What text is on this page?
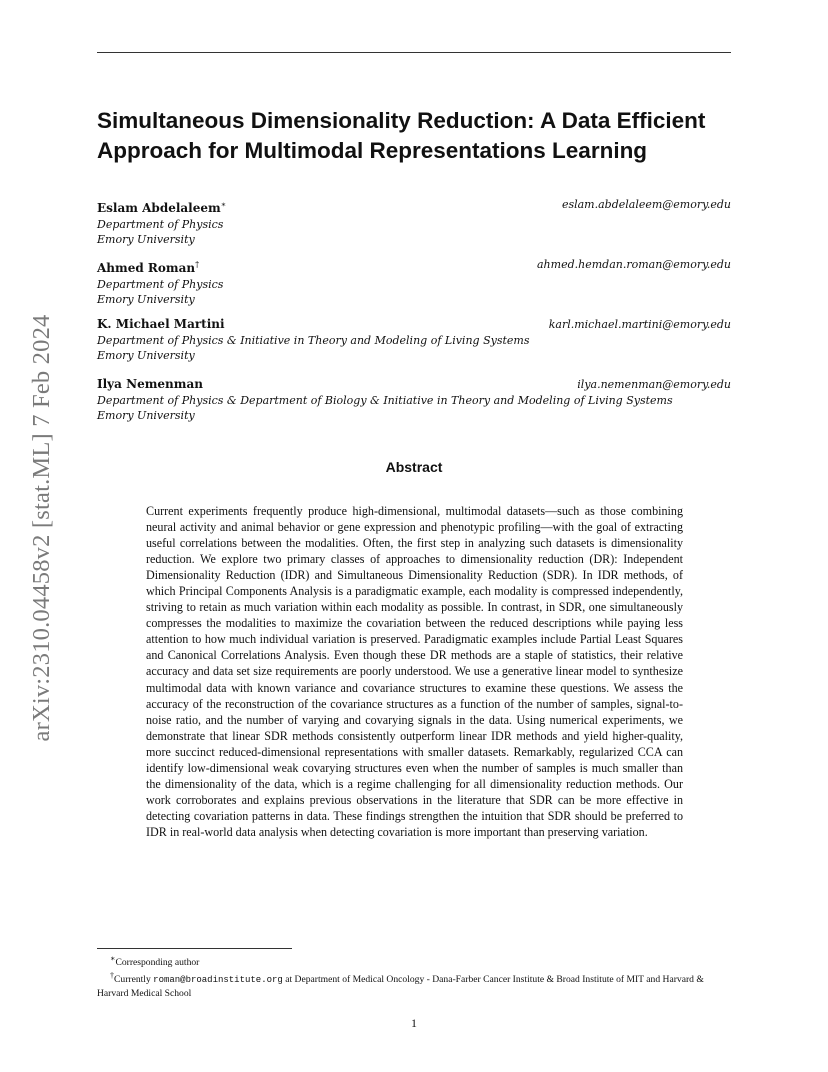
arXiv:2310.04458v2 [stat.ML] 7 Feb 2024
Simultaneous Dimensionality Reduction: A Data Efficient
Approach for Multimodal Representations Learning
Eslam Abdelaleem∗	eslam.abdelaleem@emory.edu
Department of Physics
Emory University
Ahmed Roman†	ahmed.hemdan.roman@emory.edu
Department of Physics
Emory University
K. Michael Martini	karl.michael.martini@emory.edu
Department of Physics & Initiative in Theory and Modeling of Living Systems
Emory University
Ilya Nemenman	ilya.nemenman@emory.edu
Department of Physics & Department of Biology & Initiative in Theory and Modeling of Living Systems
Emory University
Abstract

Current experiments frequently produce high-dimensional, multimodal datasets—such as those combining neural activity and animal behavior or gene expression and phenotypic profiling—with the goal of extracting useful correlations between the modalities. Often, the first step in analyzing such datasets is dimensionality reduction. We explore two primary classes of approaches to dimensionality reduction (DR): Independent Dimensionality Reduction (IDR) and Simultaneous Dimensionality Reduction (SDR). In IDR methods, of which Principal Components Analysis is a paradigmatic example, each modality is compressed independently, striving to retain as much variation within each modality as possible. In contrast, in SDR, one simultaneously compresses the modalities to maximize the covariation between the reduced descriptions while paying less attention to how much individual variation is preserved. Paradigmatic examples include Partial Least Squares and Canonical Correlations Analysis. Even though these DR methods are a staple of statistics, their relative accuracy and data set size requirements are poorly understood. We use a generative linear model to synthesize multimodal data with known variance and covariance structures to examine these questions. We assess the accuracy of the reconstruction of the covariance structures as a function of the number of samples, signal-to-noise ratio, and the number of varying and covarying signals in the data. Using numerical experiments, we demonstrate that linear SDR methods consistently outperform linear IDR methods and yield higher-quality, more succinct reduced-dimensional representations with smaller datasets. Remarkably, regularized CCA can identify low-dimensional weak covarying structures even when the number of samples is much smaller than the dimensionality of the data, which is a regime challenging for all dimensionality reduction methods. Our work corroborates and explains previous observations in the literature that SDR can be more effective in detecting covariation patterns in data. These findings strengthen the intuition that SDR should be preferred to IDR in real-world data analysis when detecting covariation is more important than preserving variation.

∗Corresponding author

†Currently roman@broadinstitute.org at Department of Medical Oncology - Dana-Farber Cancer Institute & Broad Institute of MIT and Harvard & Harvard Medical School

1
